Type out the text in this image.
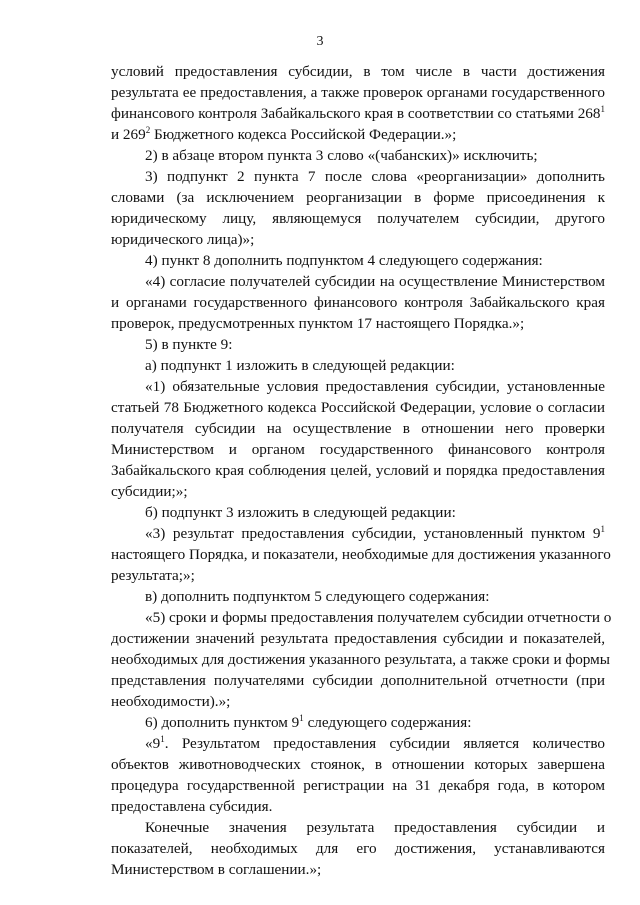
3
условий предоставления субсидии, в том числе в части достижения
результата ее предоставления, а также проверок органами государственного
финансового контроля Забайкальского края в соответствии со статьями $268^1$
и $269^2$ Бюджетного кодекса Российской Федерации.»;
2) в абзаце втором пункта 3 слово «(чабанских)» исключить;
3) подпункт 2 пункта 7 после слова «реорганизации» дополнить
словами (за исключением реорганизации в форме присоединения к
юридическому лицу, являющемуся получателем субсидии, другого
юридического лица)»;
4) пункт 8 дополнить подпунктом 4 следующего содержания:
«4) согласие получателей субсидии на осуществление Министерством
и органами государственного финансового контроля Забайкальского края
проверок, предусмотренных пунктом 17 настоящего Порядка.»;
5) в пункте 9:
а) подпункт 1 изложить в следующей редакции:
«1) обязательные условия предоставления субсидии, установленные
статьей 78 Бюджетного кодекса Российской Федерации, условие о согласии
получателя субсидии на осуществление в отношении него проверки
Министерством и органом государственного финансового контроля
Забайкальского края соблюдения целей, условий и порядка предоставления
субсидии;»;
б) подпункт 3 изложить в следующей редакции:
«3) результат предоставления субсидии, установленный пунктом $9^1$
настоящего Порядка, и показатели, необходимые для достижения указанного
результата;»;
в) дополнить подпунктом 5 следующего содержания:
«5) сроки и формы предоставления получателем субсидии отчетности о
достижении значений результата предоставления субсидии и показателей,
необходимых для достижения указанного результата, а также сроки и формы
представления получателями субсидии дополнительной отчетности (при
необходимости).»;
6) дополнить пунктом $9^1$ следующего содержания:
«$9^1$. Результатом предоставления субсидии является количество
объектов животноводческих стоянок, в отношении которых завершена
процедура государственной регистрации на 31 декабря года, в котором
предоставлена субсидия.
Конечные значения результата предоставления субсидии и
показателей, необходимых для его достижения, устанавливаются
Министерством в соглашении.»;
